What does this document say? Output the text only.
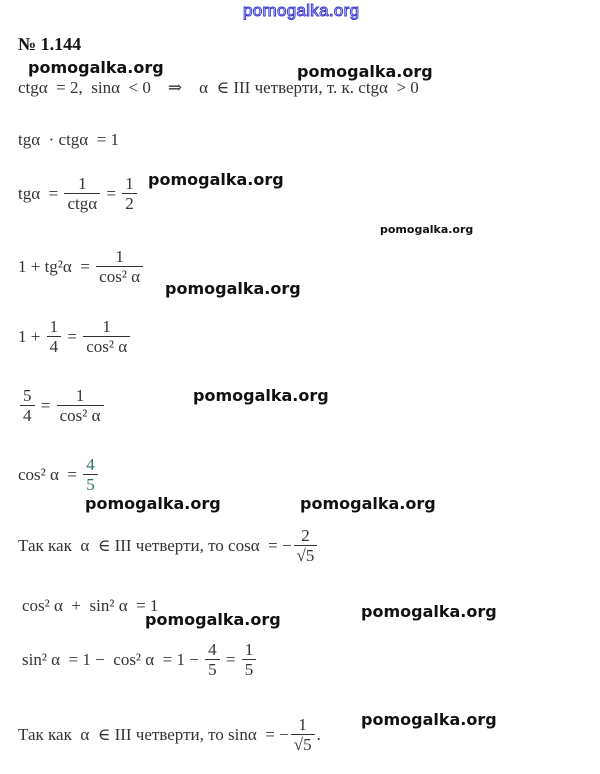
pomogalka.org
№ 1.144
pomogalka.org	pomogalka.org
pomogalka.org
pomogalka.org
pomogalka.org
pomogalka.org
pomogalka.org	pomogalka.org
pomogalka.org	pomogalka.org
pomogalka.org
ctgα  = 2,  sinα  < 0    ⇒    α  ∈ III четверти, т. к. ctgα  > 0
tgα  · ctgα  = 1
$tg\alpha = \frac{1}{\text{ctgα}} = \frac{1}{2}$
$1 + tg^2\alpha = \frac{1}{\text{cos² α}}$
$1 + \frac{1}{4} = \frac{1}{\text{cos² α}}$
$\frac{5}{4} = \frac{1}{\text{cos² α}}$
cos² $\alpha = \frac{4}{5}$
Так как  α  ∈ III четверти, то cosα  = − $\frac{2}{√5}$
cos² α  +  sin² α  = 1
sin² α  = 1 −  cos² $\alpha = 1 - \frac{4}{5} = \frac{1}{5}$
Так как  α  ∈ III четверти, то sinα  = − $\frac{1}{√5}$ .
